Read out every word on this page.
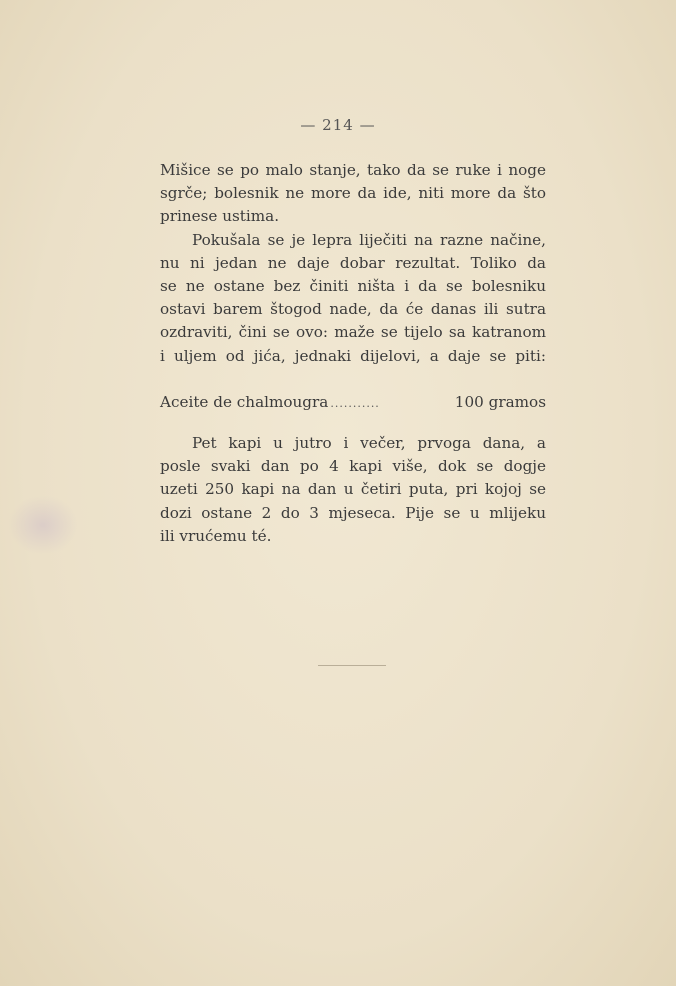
— 214 —
Mišice se po malo stanje, tako da se ruke i noge
sgrče; bolesnik ne more da ide, niti more da što
prinese ustima.
Pokušala se je lepra liječiti na razne načine,
nu ni jedan ne daje dobar rezultat. Toliko da
se ne ostane bez činiti ništa i da se bolesniku
ostavi barem štogod nade, da će danas ili sutra
ozdraviti, čini se ovo: maže se tijelo sa katranom
i uljem od jića, jednaki dijelovi, a daje se piti:
Aceite de chalmougra ...........	100 gramos
Pet kapi u jutro i večer, prvoga dana, a
posle svaki dan po 4 kapi više, dok se dogje
uzeti 250 kapi na dan u četiri puta, pri kojoj se
dozi ostane 2 do 3 mjeseca. Pije se u mlijeku
ili vrućemu té.
